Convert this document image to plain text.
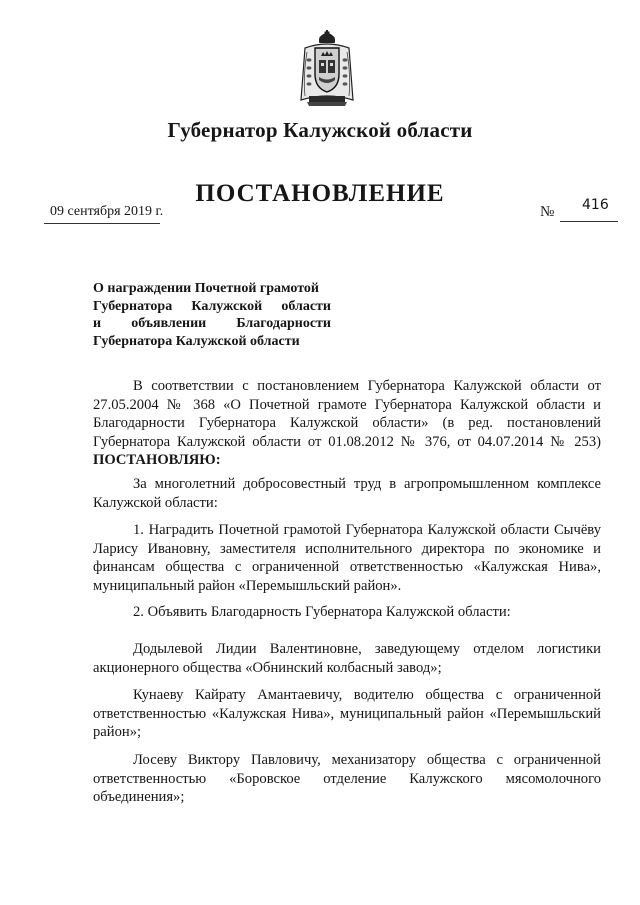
Губернатор Калужской области
ПОСТАНОВЛЕНИЕ
09 сентября 2019 г.	416
№
О награждении Почетной грамотой
Губернатора Калужской области
и объявлении Благодарности
Губернатора Калужской области
В соответствии с постановлением Губернатора Калужской области от 27.05.2004 № 368 «О Почетной грамоте Губернатора Калужской области и Благодарности Губернатора Калужской области» (в ред. постановлений Губернатора Калужской области от 01.08.2012 № 376, от 04.07.2014 № 253) ПОСТАНОВЛЯЮ:
За многолетний добросовестный труд в агропромышленном комплексе Калужской области:
1. Наградить Почетной грамотой Губернатора Калужской области Сычёву Ларису Ивановну, заместителя исполнительного директора по экономике и финансам общества с ограниченной ответственностью «Калужская Нива», муниципальный район «Перемышльский район».
2. Объявить Благодарность Губернатора Калужской области:
Додылевой Лидии Валентиновне, заведующему отделом логистики акционерного общества «Обнинский колбасный завод»;
Кунаеву Кайрату Амантаевичу, водителю общества с ограниченной ответственностью «Калужская Нива», муниципальный район «Перемышльский район»;
Лосеву Виктору Павловичу, механизатору общества с ограниченной ответственностью «Боровское отделение Калужского мясомолочного объединения»;
